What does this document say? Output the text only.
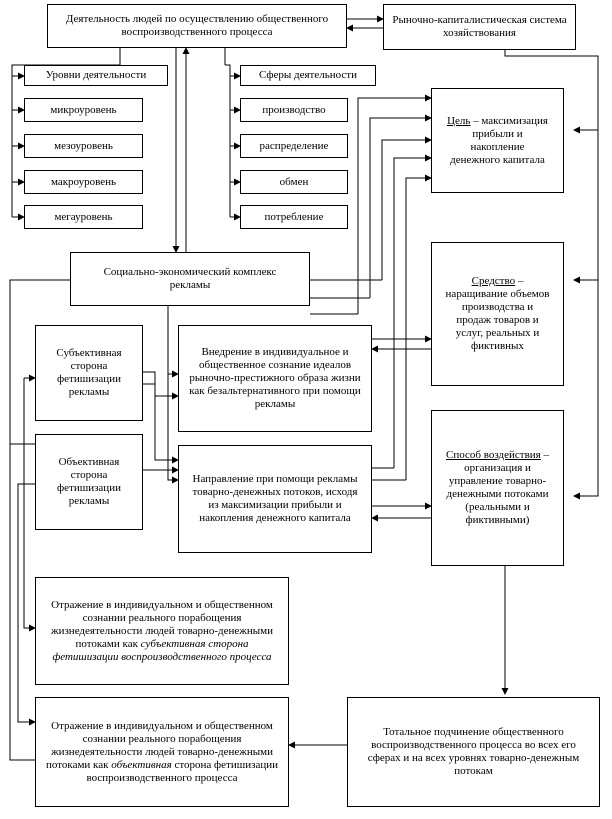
Деятельность людей по осуществлению общественного воспроизводственного процесса
Рыночно-капиталистическая система хозяйствования
Уровни деятельности
микроуровень
мезоуровень
макроуровень
мегауровень
Сферы деятельности
производство
распределение
обмен
потребление
Цель – максимизация прибыли и накопление денежного капитала
Средство – наращивание объемов производства и продаж товаров и услуг, реальных и фиктивных
Способ воздействия – организация и управление товарно-денежными потоками (реальными и фиктивными)
Социально-экономический комплекс рекламы
Субъективная сторона фетишизации рекламы
Объективная сторона фетишизации рекламы
Внедрение в индивидуальное и общественное сознание идеалов рыночно-престижного образа жизни как безальтернативного при помощи рекламы
Направление при помощи рекламы товарно-денежных потоков, исходя из максимизации прибыли и накопления денежного капитала
Отражение в индивидуальном и общественном сознании реального порабощения жизнедеятельности людей товарно-денежными потоками как субъективная сторона фетишизации воспроизводственного процесса
Отражение в индивидуальном и общественном сознании реального порабощения жизнедеятельности людей товарно-денежными потоками как объективная сторона фетишизации воспроизводственного процесса
Тотальное подчинение общественного воспроизводственного процесса во всех его сферах и на всех уровнях товарно-денежным потокам
